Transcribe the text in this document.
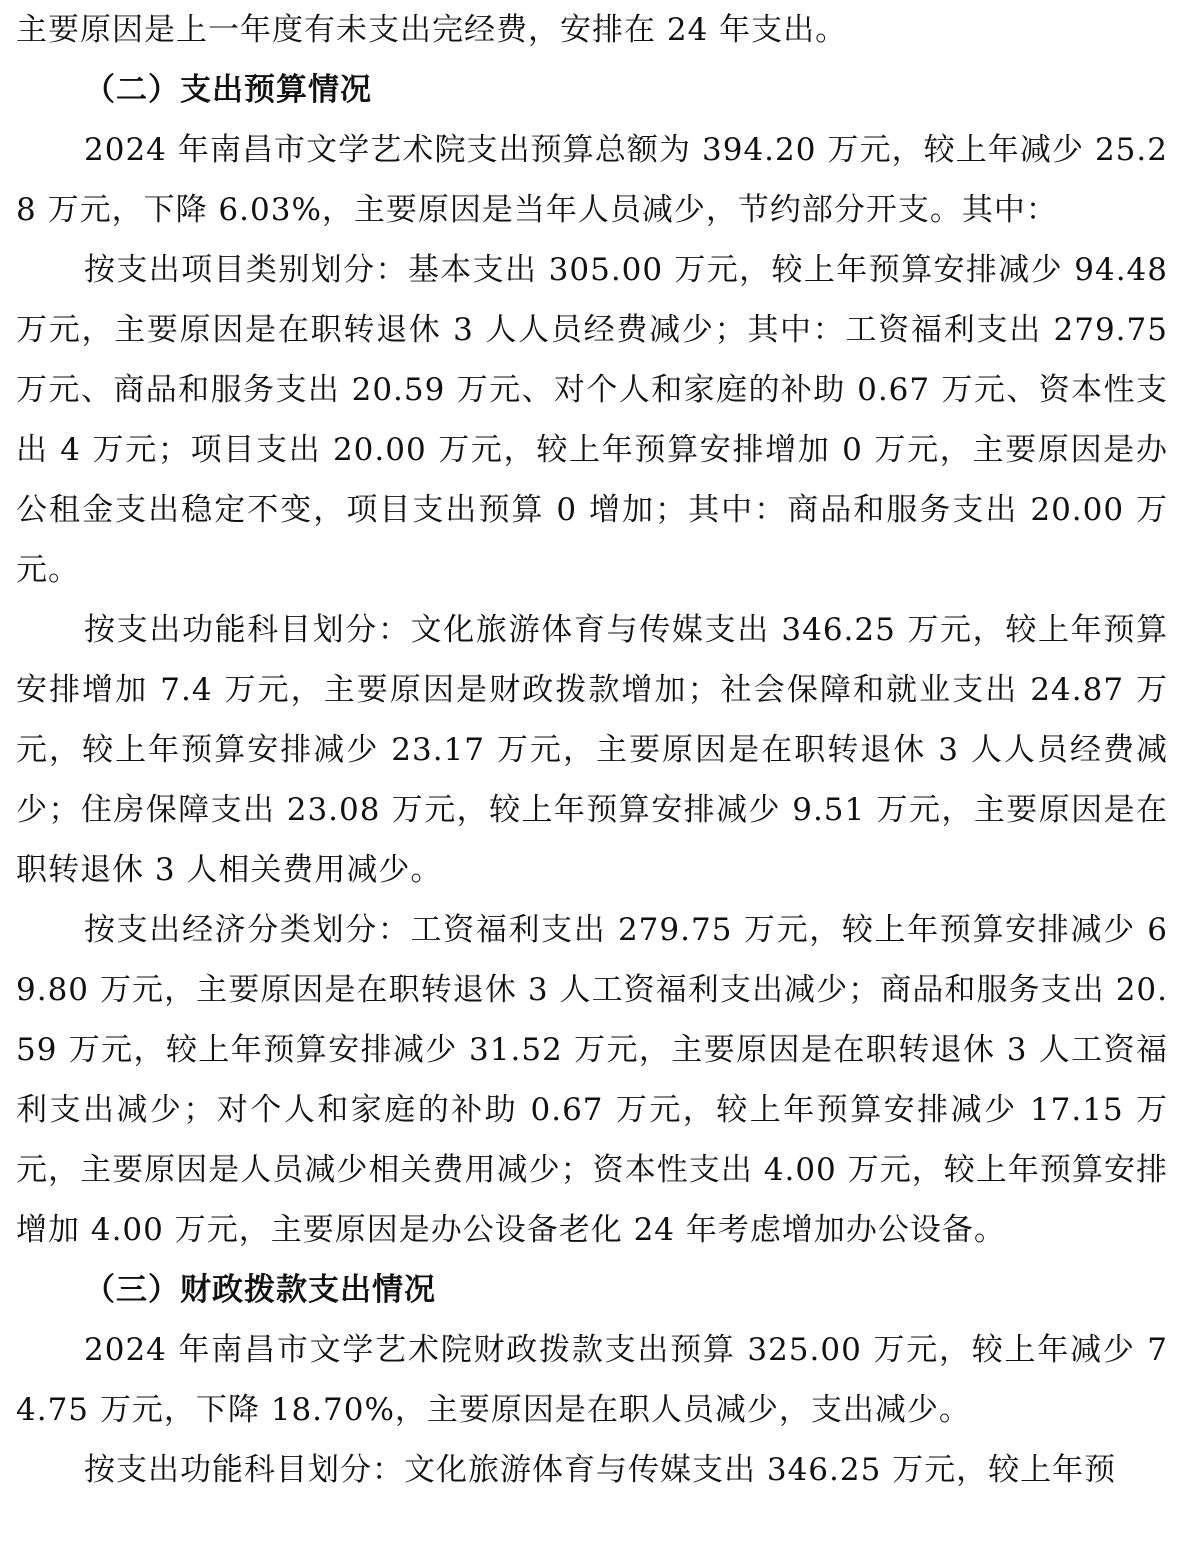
主要原因是上一年度有未支出完经费，安排在 24 年支出。

（二）支出预算情况

2024 年南昌市文学艺术院支出预算总额为 394.20 万元，较上年减少 25.28 万元，下降 6.03%，主要原因是当年人员减少，节约部分开支。其中：

按支出项目类别划分：基本支出 305.00 万元，较上年预算安排减少 94.48 万元，主要原因是在职转退休 3 人人员经费减少；其中：工资福利支出 279.75 万元、商品和服务支出 20.59 万元、对个人和家庭的补助 0.67 万元、资本性支出 4 万元；项目支出 20.00 万元，较上年预算安排增加 0 万元，主要原因是办公租金支出稳定不变，项目支出预算 0 增加；其中：商品和服务支出 20.00 万元。

按支出功能科目划分：文化旅游体育与传媒支出 346.25 万元，较上年预算安排增加 7.4 万元，主要原因是财政拨款增加；社会保障和就业支出 24.87 万元，较上年预算安排减少 23.17 万元，主要原因是在职转退休 3 人人员经费减少；住房保障支出 23.08 万元，较上年预算安排减少 9.51 万元，主要原因是在职转退休 3 人相关费用减少。

按支出经济分类划分：工资福利支出 279.75 万元，较上年预算安排减少 69.80 万元，主要原因是在职转退休 3 人工资福利支出减少；商品和服务支出 20.59 万元，较上年预算安排减少 31.52 万元，主要原因是在职转退休 3 人工资福利支出减少；对个人和家庭的补助 0.67 万元，较上年预算安排减少 17.15 万元，主要原因是人员减少相关费用减少；资本性支出 4.00 万元，较上年预算安排增加 4.00 万元，主要原因是办公设备老化 24 年考虑增加办公设备。

（三）财政拨款支出情况

2024 年南昌市文学艺术院财政拨款支出预算 325.00 万元，较上年减少 74.75 万元，下降 18.70%，主要原因是在职人员减少，支出减少。

按支出功能科目划分：文化旅游体育与传媒支出 346.25 万元，较上年预
